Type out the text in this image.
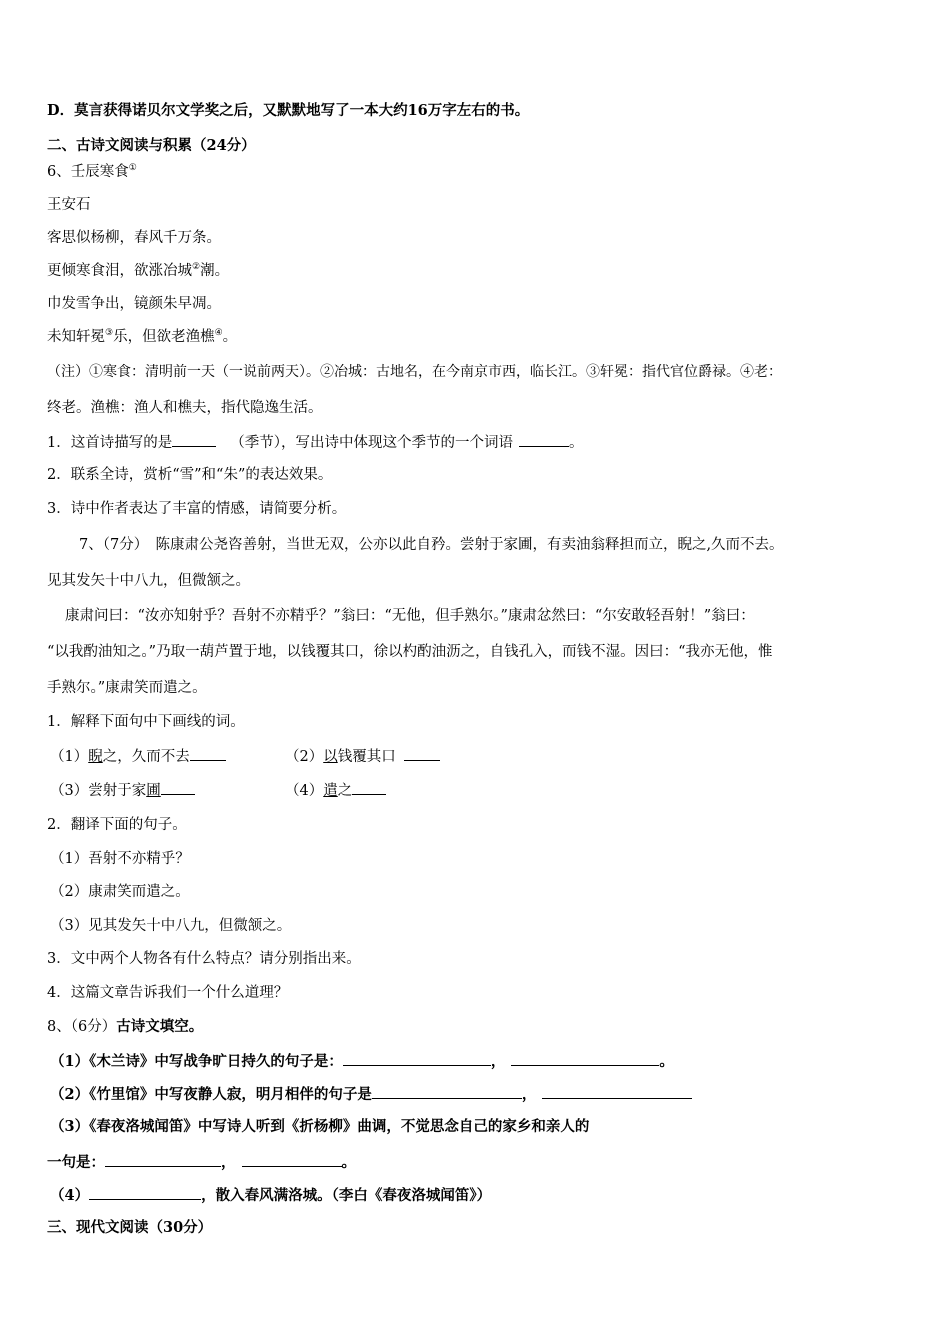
D．莫言获得诺贝尔文学奖之后，又默默地写了一本大约16万字左右的书。
二、古诗文阅读与积累（24分）
6、壬辰寒食①
王安石
客思似杨柳，春风千万条。
更倾寒食泪，欲涨冶城②潮。
巾发雪争出，镜颜朱早凋。
未知轩冕③乐，但欲老渔樵④。
（注）①寒食：清明前一天（一说前两天）。②冶城：古地名，在今南京市西，临长江。③轩冕：指代官位爵禄。④老：
终老。渔樵：渔人和樵夫，指代隐逸生活。
1．这首诗描写的是	（季节），写出诗中体现这个季节的一个词语	。
2．联系全诗，赏析“雪”和“朱”的表达效果。
3．诗中作者表达了丰富的情感，请简要分析。
7、（7分）　陈康肃公尧咨善射，当世无双，公亦以此自矜。尝射于家圃，有卖油翁释担而立，睨之,久而不去。
见其发矢十中八九，但微颔之。
康肃问曰：“汝亦知射乎？吾射不亦精乎？”翁曰：“无他，但手熟尔。”康肃忿然曰：“尔安敢轻吾射！”翁曰：
“以我酌油知之。”乃取一葫芦置于地，以钱覆其口，徐以杓酌油沥之，自钱孔入，而钱不湿。因曰：“我亦无他，惟
手熟尔。”康肃笑而遣之。
1．解释下面句中下画线的词。
（1）睨之，久而不去	（2）以钱覆其口
（3）尝射于家圃	（4）遣之
2．翻译下面的句子。
（1）吾射不亦精乎？
（2）康肃笑而遣之。
（3）见其发矢十中八九，但微颔之。
3．文中两个人物各有什么特点？请分别指出来。
4．这篇文章告诉我们一个什么道理？
8、（6分）古诗文填空。
（1）《木兰诗》中写战争旷日持久的句子是：	，	。
（2）《竹里馆》中写夜静人寂，明月相伴的句子是	，
（3）《春夜洛城闻笛》中写诗人听到《折杨柳》曲调，不觉思念自己的家乡和亲人的
一句是：	，	。
（4）	，散入春风满洛城。（李白《春夜洛城闻笛》）
三、现代文阅读（30分）
